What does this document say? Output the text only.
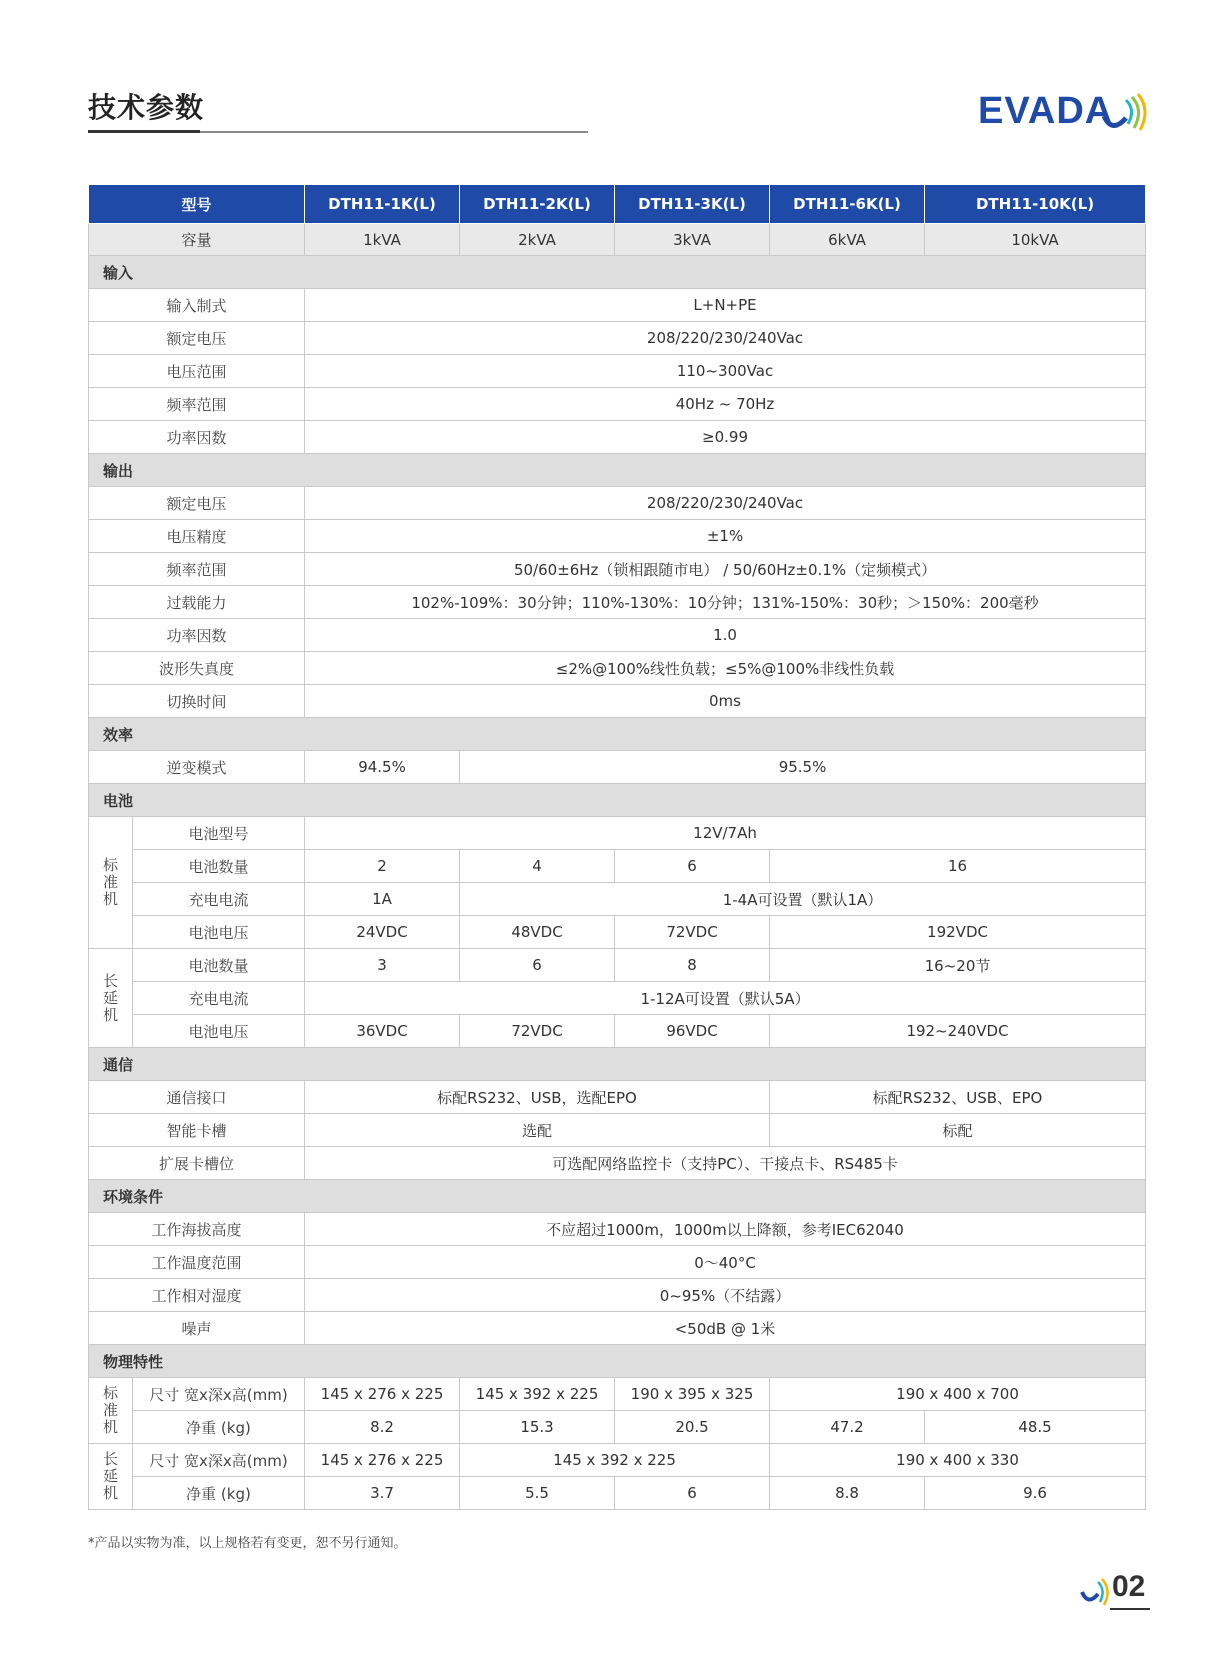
技术参数	EVADA
型号		DTH11-1K(L)	DTH11-2K(L)	DTH11-3K(L)	DTH11-6K(L)	DTH11-10K(L)
容量		1kVA	2kVA	3kVA	6kVA	10kVA
输入						
输入制式		L+N+PE				
额定电压		208/220/230/240Vac				
电压范围		110~300Vac				
频率范围		40Hz ~ 70Hz				
功率因数		≥0.99				
输出						
额定电压		208/220/230/240Vac				
电压精度		±1%				
频率范围		50/60±6Hz（锁相跟随市电） / 50/60Hz±0.1%（定频模式）				
过载能力		102%-109%：30分钟；110%-130%：10分钟；131%-150%：30秒；＞150%：200毫秒				
功率因数		1.0				
波形失真度		≤2%@100%线性负载；≤5%@100%非线性负载				
切换时间		0ms				
效率						
逆变模式		94.5%	95.5%			
电池						

标
准
机	电池型号	12V/7Ah				
	电池数量	2	4	6	16	
	充电电流	1A	1-4A可设置（默认1A）			
	电池电压	24VDC	48VDC	72VDC	192VDC	

长
延
机	电池数量	3	6	8	16~20节	
	充电电流	1-12A可设置（默认5A）				
	电池电压	36VDC	72VDC	96VDC	192~240VDC	
通信						
通信接口		标配RS232、USB，选配EPO			标配RS232、USB、EPO	
智能卡槽		选配			标配	
扩展卡槽位		可选配网络监控卡（支持PC）、干接点卡、RS485卡				
环境条件						
工作海拔高度		不应超过1000m，1000m以上降额，参考IEC62040				
工作温度范围		0～40°C				
工作相对湿度		0~95%（不结露）				
噪声		<50dB @ 1米				
物理特性						

标
准
机	尺寸 宽x深x高(mm)	145 x 276 x 225	145 x 392 x 225	190 x 395 x 325	190 x 400 x 700	
	净重 (kg)	8.2	15.3	20.5	47.2	48.5

长
延
机	尺寸 宽x深x高(mm)	145 x 276 x 225	145 x 392 x 225		190 x 400 x 330	
	净重 (kg)	3.7	5.5	6	8.8	9.6
*产品以实物为准，以上规格若有变更，恕不另行通知。
02
